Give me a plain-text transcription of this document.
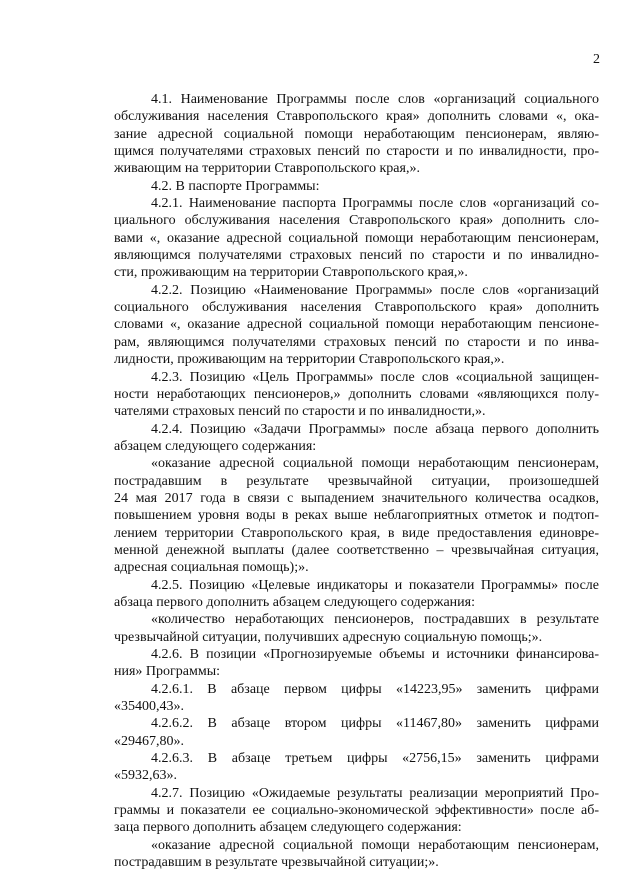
2
4.1. Наименование Программы после слов «организаций социального
обслуживания населения Ставропольского края» дополнить словами «, ока-
зание адресной социальной помощи неработающим пенсионерам, являю-
щимся получателями страховых пенсий по старости и по инвалидности, про-
живающим на территории Ставропольского края,».
4.2. В паспорте Программы:
4.2.1. Наименование паспорта Программы после слов «организаций со-
циального обслуживания населения Ставропольского края» дополнить сло-
вами «, оказание адресной социальной помощи неработающим пенсионерам,
являющимся получателями страховых пенсий по старости и по инвалидно-
сти, проживающим на территории Ставропольского края,».
4.2.2. Позицию «Наименование Программы» после слов «организаций
социального обслуживания населения Ставропольского края» дополнить
словами «, оказание адресной социальной помощи неработающим пенсионе-
рам, являющимся получателями страховых пенсий по старости и по инва-
лидности, проживающим на территории Ставропольского края,».
4.2.3. Позицию «Цель Программы» после слов «социальной защищен-
ности неработающих пенсионеров,» дополнить словами «являющихся полу-
чателями страховых пенсий по старости и по инвалидности,».
4.2.4. Позицию «Задачи Программы» после абзаца первого дополнить
абзацем следующего содержания:
«оказание адресной социальной помощи неработающим пенсионерам,
пострадавшим в результате чрезвычайной ситуации, произошедшей
24 мая 2017 года в связи с выпадением значительного количества осадков,
повышением уровня воды в реках выше неблагоприятных отметок и подтоп-
лением территории Ставропольского края, в виде предоставления единовре-
менной денежной выплаты (далее соответственно – чрезвычайная ситуация,
адресная социальная помощь);».
4.2.5. Позицию «Целевые индикаторы и показатели Программы» после
абзаца первого дополнить абзацем следующего содержания:
«количество неработающих пенсионеров, пострадавших в результате
чрезвычайной ситуации, получивших адресную социальную помощь;».
4.2.6. В позиции «Прогнозируемые объемы и источники финансирова-
ния» Программы:
4.2.6.1. В абзаце первом цифры «14223,95» заменить цифрами
«35400,43».
4.2.6.2. В абзаце втором цифры «11467,80» заменить цифрами
«29467,80».
4.2.6.3. В абзаце третьем цифры «2756,15» заменить цифрами
«5932,63».
4.2.7. Позицию «Ожидаемые результаты реализации мероприятий Про-
граммы и показатели ее социально-экономической эффективности» после аб-
заца первого дополнить абзацем следующего содержания:
«оказание адресной социальной помощи неработающим пенсионерам,
пострадавшим в результате чрезвычайной ситуации;».
